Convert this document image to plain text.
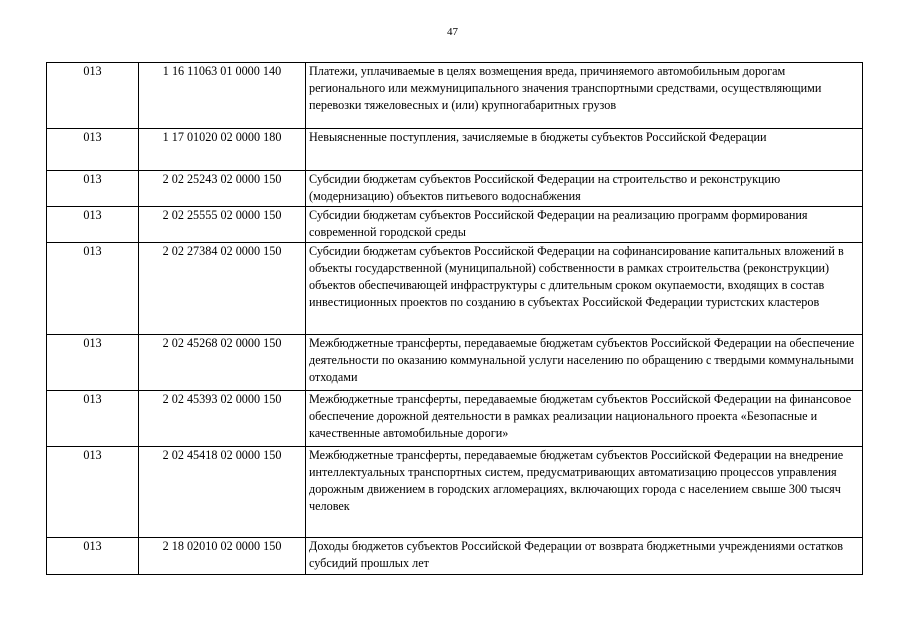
47
013	1 16 11063 01 0000 140	Платежи, уплачиваемые в целях возмещения вреда, причиняемого автомобильным дорогам регионального или межмуниципального значения транспортными средствами, осуществляющими перевозки тяжеловесных и (или) крупногабаритных грузов
013	1 17 01020 02 0000 180	Невыясненные поступления, зачисляемые в бюджеты субъектов Российской Федерации
013	2 02 25243 02 0000 150	Субсидии бюджетам субъектов Российской Федерации на строительство и реконструкцию (модернизацию) объектов питьевого водоснабжения
013	2 02 25555 02 0000 150	Субсидии бюджетам субъектов Российской Федерации на реализацию программ формирования современной городской среды
013	2 02 27384 02 0000 150	Субсидии бюджетам субъектов Российской Федерации на софинансирование капитальных вложений в объекты государственной (муниципальной) собственности в рамках строительства (реконструкции) объектов обеспечивающей инфраструктуры с длительным сроком окупаемости, входящих в состав инвестиционных проектов по созданию в субъектах Российской Федерации туристских кластеров
013	2 02 45268 02 0000 150	Межбюджетные трансферты, передаваемые бюджетам субъектов Российской Федерации на обеспечение деятельности по оказанию коммунальной услуги населению по обращению с твердыми коммунальными отходами
013	2 02 45393 02 0000 150	Межбюджетные трансферты, передаваемые бюджетам субъектов Российской Федерации на финансовое обеспечение дорожной деятельности в рамках реализации национального проекта «Безопасные и качественные автомобильные дороги»
013	2 02 45418 02 0000 150	Межбюджетные трансферты, передаваемые бюджетам субъектов Российской Федерации на внедрение интеллектуальных транспортных систем, предусматривающих автоматизацию процессов управления дорожным движением в городских агломерациях, включающих города с населением свыше 300 тысяч человек
013	2 18 02010 02 0000 150	Доходы бюджетов субъектов Российской Федерации от возврата бюджетными учреждениями остатков субсидий прошлых лет
